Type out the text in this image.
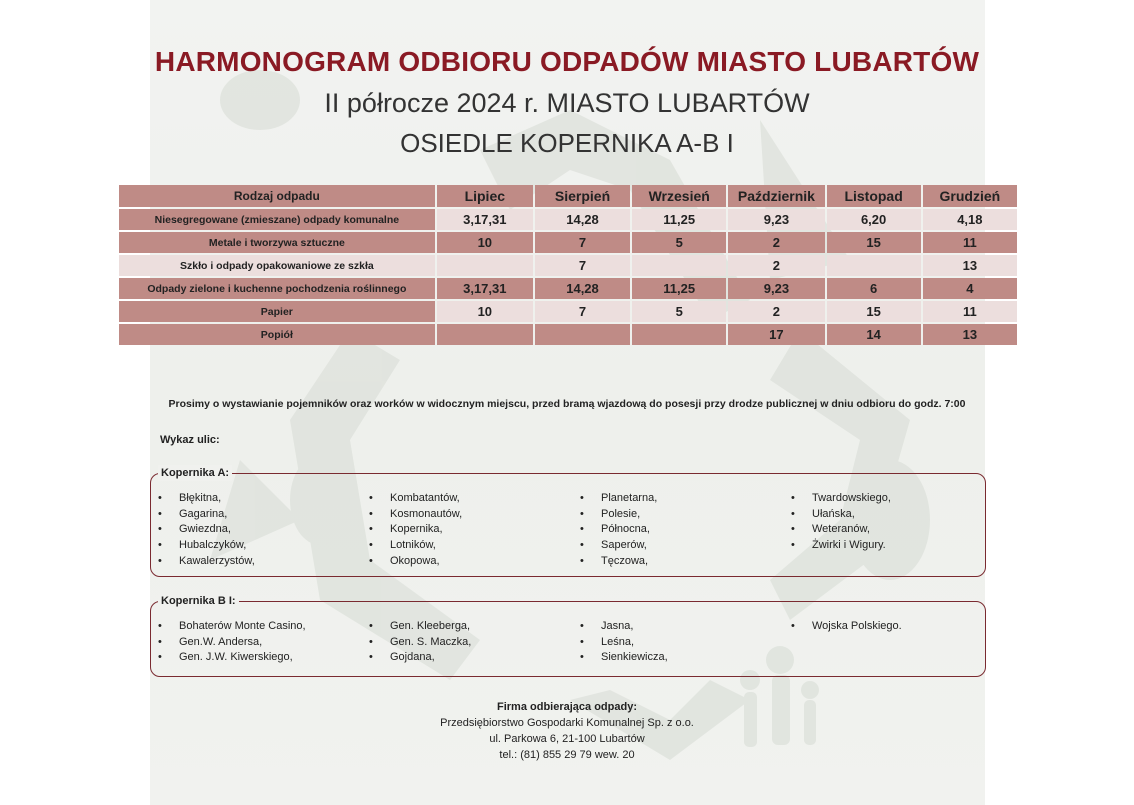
HARMONOGRAM ODBIORU ODPADÓW MIASTO LUBARTÓW
II półrocze 2024 r. MIASTO LUBARTÓW
OSIEDLE KOPERNIKA A-B I
Rodzaj odpadu	Lipiec	Sierpień	Wrzesień	Październik	Listopad	Grudzień
Niesegregowane (zmieszane) odpady komunalne	3,17,31	14,28	11,25	9,23	6,20	4,18
Metale i tworzywa sztuczne	10	7	5	2	15	11
Szkło i odpady opakowaniowe ze szkła		7		2		13
Odpady zielone i kuchenne pochodzenia roślinnego	3,17,31	14,28	11,25	9,23	6	4
Papier	10	7	5	2	15	11
Popiół				17	14	13
Prosimy o wystawianie pojemników oraz worków w widocznym miejscu, przed bramą wjazdową do posesji przy drodze publicznej w dniu odbioru do godz. 7:00
Wykaz ulic:
Kopernika A:
• Błękitna,
• Gagarina,
• Gwiezdna,
• Hubalczyków,
• Kawalerzystów,
• Kombatantów,
• Kosmonautów,
• Kopernika,
• Lotników,
• Okopowa,
• Planetarna,
• Polesie,
• Północna,
• Saperów,
• Tęczowa,
• Twardowskiego,
• Ułańska,
• Weteranów,
• Żwirki i Wigury.
Kopernika B I:
• Bohaterów Monte Casino,
• Gen.W. Andersa,
• Gen. J.W. Kiwerskiego,
• Gen. Kleeberga,
• Gen. S. Maczka,
• Gojdana,
• Jasna,
• Leśna,
• Sienkiewicza,
• Wojska Polskiego.
Firma odbierająca odpady:
Przedsiębiorstwo Gospodarki Komunalnej Sp. z o.o.
ul. Parkowa 6, 21-100 Lubartów
tel.: (81) 855 29 79 wew. 20
